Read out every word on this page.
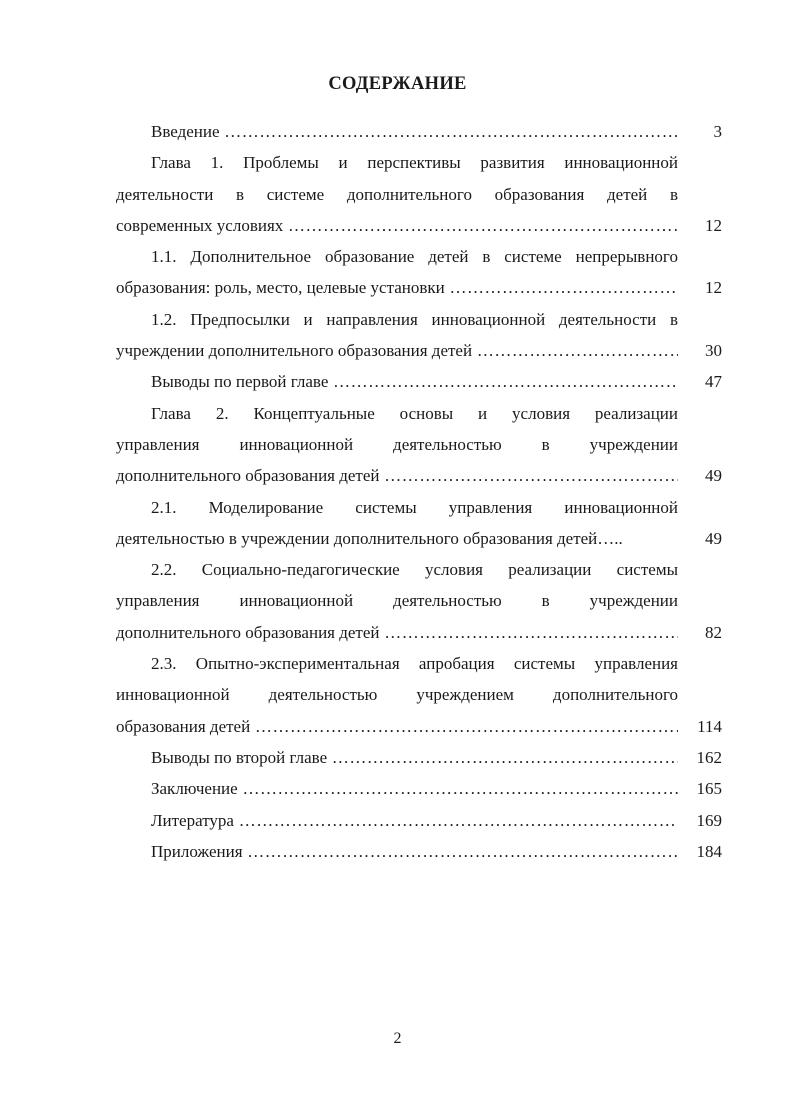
СОДЕРЖАНИЕ
Введение …………………………………………………………………………………………………………………………………………	3
Глава 1. Проблемы и перспективы развития инновационной
деятельности в системе дополнительного образования детей в
современных условиях …………………………………………………………………………………………………………………………………………	12
1.1. Дополнительное образование детей в системе непрерывного
образования: роль, место, целевые установки …………………………………………………………………………………………………………………………………………	12
1.2. Предпосылки и направления инновационной деятельности в
учреждении дополнительного образования детей …………………………………………………………………………………………………………………………………………	30
Выводы по первой главе …………………………………………………………………………………………………………………………………………	47
Глава 2. Концептуальные основы и условия реализации
управления инновационной деятельностью в учреждении
дополнительного образования детей …………………………………………………………………………………………………………………………………………	49
2.1. Моделирование системы управления инновационной
деятельностью в учреждении дополнительного образования детей…..	49
2.2. Социально-педагогические условия реализации системы
управления инновационной деятельностью в учреждении
дополнительного образования детей …………………………………………………………………………………………………………………………………………	82
2.3. Опытно-экспериментальная апробация системы управления
инновационной деятельностью учреждением дополнительного
образования детей …………………………………………………………………………………………………………………………………………	114
Выводы по второй главе …………………………………………………………………………………………………………………………………………	162
Заключение …………………………………………………………………………………………………………………………………………	165
Литература …………………………………………………………………………………………………………………………………………	169
Приложения …………………………………………………………………………………………………………………………………………	184
2
